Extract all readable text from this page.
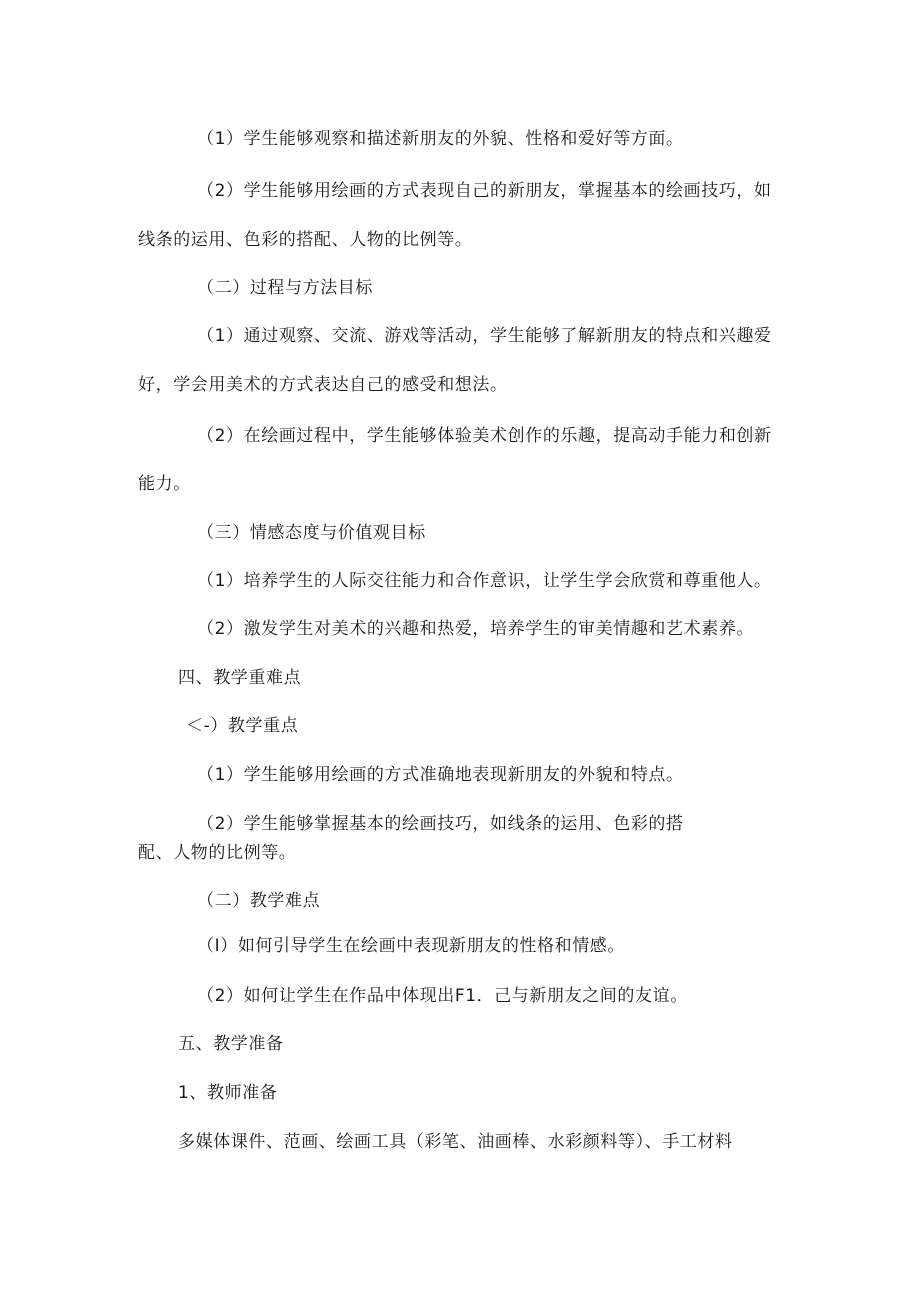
（1）学生能够观察和描述新朋友的外貌、性格和爱好等方面。
（2）学生能够用绘画的方式表现自己的新朋友，掌握基本的绘画技巧，如
线条的运用、色彩的搭配、人物的比例等。
（二）过程与方法目标
（1）通过观察、交流、游戏等活动，学生能够了解新朋友的特点和兴趣爱
好，学会用美术的方式表达自己的感受和想法。
（2）在绘画过程中，学生能够体验美术创作的乐趣，提高动手能力和创新
能力。
（三）情感态度与价值观目标
（1）培养学生的人际交往能力和合作意识，让学生学会欣赏和尊重他人。
（2）激发学生对美术的兴趣和热爱，培养学生的审美情趣和艺术素养。
四、教学重难点
＜-）教学重点
（1）学生能够用绘画的方式准确地表现新朋友的外貌和特点。
（2）学生能够掌握基本的绘画技巧，如线条的运用、色彩的搭
配、人物的比例等。
（二）教学难点
（I）如何引导学生在绘画中表现新朋友的性格和情感。
（2）如何让学生在作品中体现出F1．己与新朋友之间的友谊。
五、教学准备
1、教师准备
多媒体课件、范画、绘画工具（彩笔、油画棒、水彩颜料等）、手工材料
